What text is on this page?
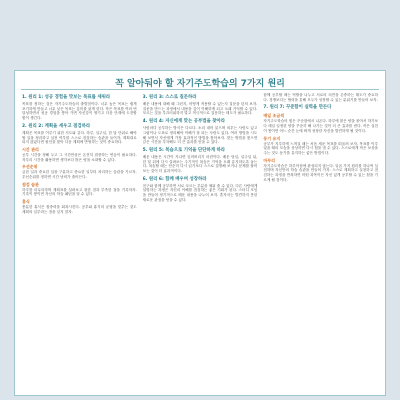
꼭 알아둬야 할 자기주도학습의 7가지 원리
1. 원리 1: 성공 경험을 맛보는 목표를 세워라

목표를 정하는 것은 자기주도학습의 출발점이다. 너무 높은 목표는 쉽게 포기하게 만들고 너무 낮은 목표는 흥미를 잃게 한다. 작은 목표를 여러 번 달성하면서 성공 경험을 쌓아 가면 자신감이 생기고 다음 단계에 도전할 힘이 생긴다.

2. 원리 2: 계획을 세우고 점검하라

계획은 목표를 이루기 위한 지도와 같다. 하루, 일주일, 한 달 단위로 해야 할 일을 정리하고 실천 여부를 스스로 점검하는 습관을 들이자. 계획대로 되지 않았다면 원인을 찾아 다음 계획에 반영하는 것이 중요하다.

시간 관리

공부 시간을 정해 두고 그 시간만큼은 온전히 집중하는 연습이 필요하다. 자투리 시간을 활용하면 생각보다 많은 양을 소화할 수 있다.

우선순위

급한 일과 중요한 일을 구분하고 중요한 일부터 처리하는 습관을 기르자. 우선순위를 정하면 시간 낭비가 줄어든다.

점검 습관

하루를 마무리하며 계획표를 살펴보고 잘한 점과 부족한 점을 기록하자. 기록이 쌓이면 자신의 학습 패턴을 알 수 있다.

휴식

충분한 휴식은 집중력을 회복시킨다. 공부와 휴식의 균형을 맞추는 것도 계획의 일부라는 점을 잊지 말자.

3. 원리 3: 스스로 질문하라

배운 내용에 대해 왜 그런지, 어떻게 적용할 수 있는지 질문을 던져 보자. 질문을 만드는 과정에서 내용을 깊이 이해하게 되고 오래 기억할 수 있다. 모르는 것을 부끄러워하지 말고 적극적으로 질문하는 태도가 필요하다.

4. 원리 4: 자신에게 맞는 공부법을 찾아라

사람마다 공부하는 방식은 다르다. 소리 내어 읽으며 외우는 사람도 있고 그림이나 도표로 정리해야 이해가 잘 되는 사람도 있다. 여러 방법을 시도해 보면서 자신에게 가장 효과적인 방법을 찾아보자. 맞는 방법을 찾으면 같은 시간을 투자해도 더 큰 효과를 얻을 수 있다.

5. 원리 5: 복습으로 기억을 단단하게 하라

배운 내용은 시간이 지나면 잊어버리기 마련이다. 배운 당일, 일주일 뒤, 한 달 뒤에 다시 살펴보는 주기적인 복습은 기억을 오래 유지하도록 돕는다. 복습할 때는 단순히 다시 읽기보다 스스로 설명해 보거나 문제를 풀어 보는 것이 더 효과적이다.

6. 원리 6: 함께 배우며 성장하라

친구와 함께 공부하면 서로 모르는 부분을 채워 줄 수 있다. 다른 사람에게 설명하는 과정은 자신의 이해를 점검하는 좋은 기회가 된다. 스터디 모임을 만들어 정기적으로 배운 내용을 나누어 보자. 혼자서는 발견하지 못한 새로운 관점을 얻을 수 있다.

함께 공부할 때는 역할을 나누고 서로의 의견을 존중하는 태도가 중요하다. 경쟁보다는 협력을 통해 모두가 성장할 수 있는 분위기를 만들어 보자.

7. 원리 7: 꾸준함이 실력을 만든다
매일 조금씩

자기주도학습의 힘은 꾸준함에서 나온다. 하루에 많은 양을 몰아서 하기보다 매일 일정한 양을 꾸준히 해 나가는 것이 더 큰 효과를 낸다. 작은 실천이 쌓이면 어느 순간 눈에 띄게 성장한 자신을 발견하게 될 것이다.

동기 유지

공부가 지루하게 느껴질 때는 처음 세운 목표를 떠올려 보자. 목표를 이루었을 때의 모습을 상상하면 다시 힘을 낼 수 있다. 스스로에게 작은 보상을 주는 것도 동기를 유지하는 좋은 방법이다.

마무리

자기주도학습은 하루아침에 완성되지 않는다. 일곱 가지 원리를 하나씩 실천하며 자신만의 학습 습관을 만들어 가자. 스스로 계획하고 실천하고 점검하는 과정을 반복하면 어떤 과목이든 자신 있게 공부할 수 있는 힘을 기르게 될 것이다.
